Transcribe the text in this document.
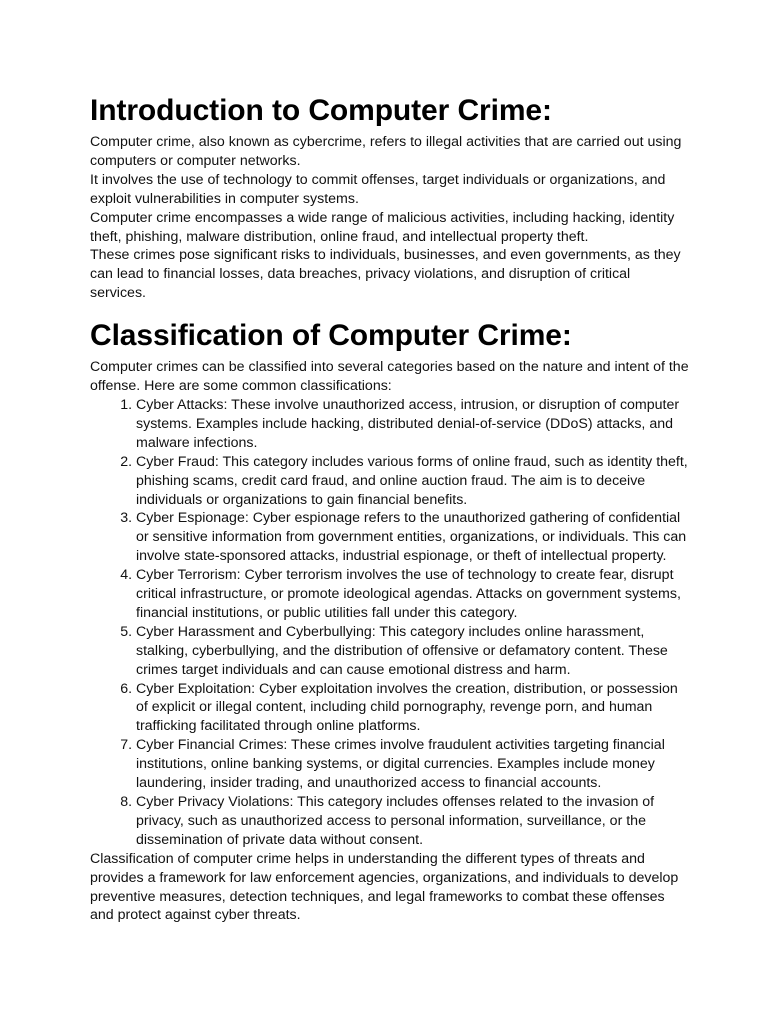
Introduction to Computer Crime:

Computer crime, also known as cybercrime, refers to illegal activities that are carried out using computers or computer networks.

It involves the use of technology to commit offenses, target individuals or organizations, and exploit vulnerabilities in computer systems.

Computer crime encompasses a wide range of malicious activities, including hacking, identity theft, phishing, malware distribution, online fraud, and intellectual property theft.

These crimes pose significant risks to individuals, businesses, and even governments, as they can lead to financial losses, data breaches, privacy violations, and disruption of critical services.

Classification of Computer Crime:

Computer crimes can be classified into several categories based on the nature and intent of the offense. Here are some common classifications:

1. Cyber Attacks: These involve unauthorized access, intrusion, or disruption of computer systems. Examples include hacking, distributed denial-of-service (DDoS) attacks, and malware infections.
2. Cyber Fraud: This category includes various forms of online fraud, such as identity theft, phishing scams, credit card fraud, and online auction fraud. The aim is to deceive individuals or organizations to gain financial benefits.
3. Cyber Espionage: Cyber espionage refers to the unauthorized gathering of confidential or sensitive information from government entities, organizations, or individuals. This can involve state-sponsored attacks, industrial espionage, or theft of intellectual property.
4. Cyber Terrorism: Cyber terrorism involves the use of technology to create fear, disrupt critical infrastructure, or promote ideological agendas. Attacks on government systems, financial institutions, or public utilities fall under this category.
5. Cyber Harassment and Cyberbullying: This category includes online harassment, stalking, cyberbullying, and the distribution of offensive or defamatory content. These crimes target individuals and can cause emotional distress and harm.
6. Cyber Exploitation: Cyber exploitation involves the creation, distribution, or possession of explicit or illegal content, including child pornography, revenge porn, and human trafficking facilitated through online platforms.
7. Cyber Financial Crimes: These crimes involve fraudulent activities targeting financial institutions, online banking systems, or digital currencies. Examples include money laundering, insider trading, and unauthorized access to financial accounts.
8. Cyber Privacy Violations: This category includes offenses related to the invasion of privacy, such as unauthorized access to personal information, surveillance, or the dissemination of private data without consent.

Classification of computer crime helps in understanding the different types of threats and provides a framework for law enforcement agencies, organizations, and individuals to develop preventive measures, detection techniques, and legal frameworks to combat these offenses and protect against cyber threats.
